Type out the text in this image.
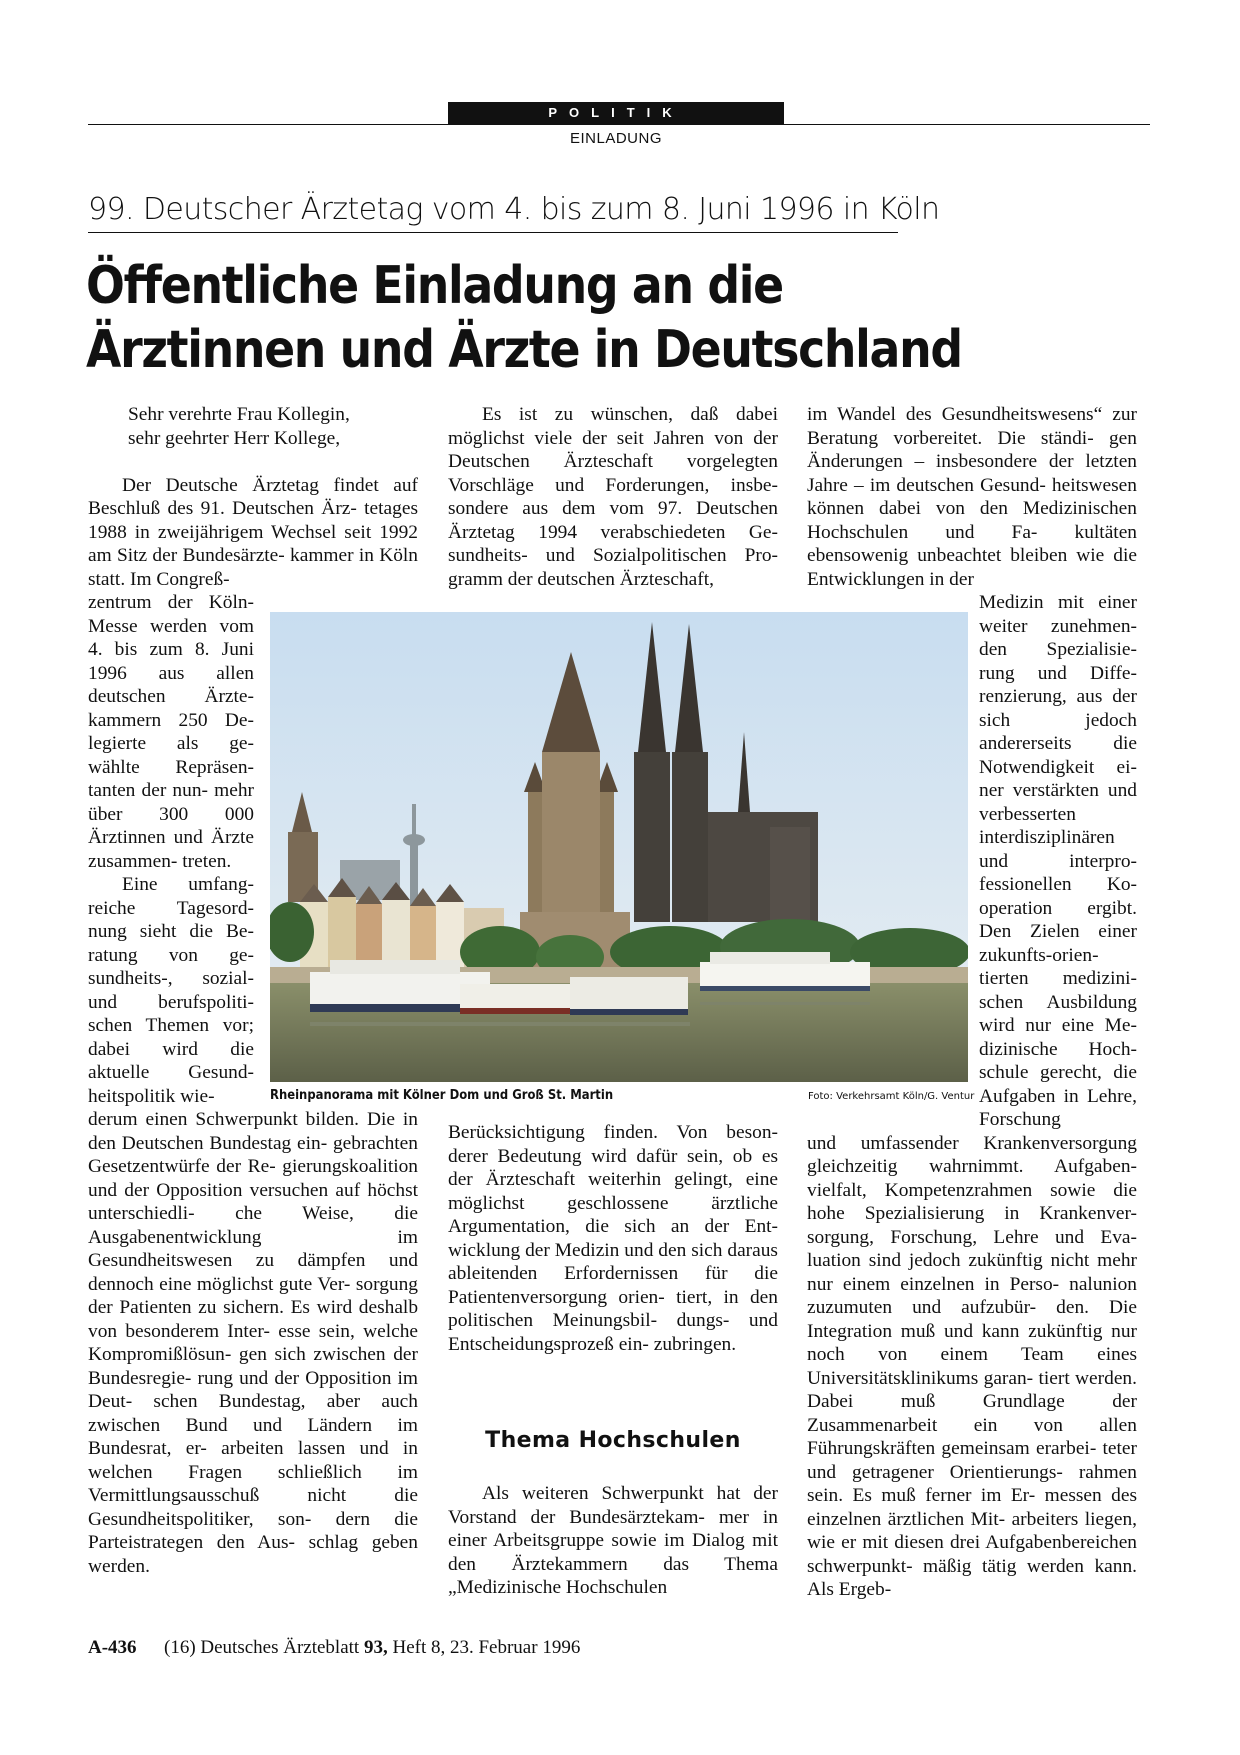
POLITIK
EINLADUNG
99. Deutscher Ärztetag vom 4. bis zum 8. Juni 1996 in Köln
Öffentliche Einladung an die
Ärztinnen und Ärzte in Deutschland
Sehr verehrte Frau Kollegin,
sehr geehrter Herr Kollege,

Der Deutsche Ärztetag findet auf Beschluß des 91. Deutschen Ärz- tetages 1988 in zweijährigem Wechsel seit 1992 am Sitz der Bundesärzte- kammer in Köln statt. Im Congreß-

zentrum der Köln- Messe werden vom 4. bis zum 8. Juni 1996 aus allen deutschen Ärzte- kammern 250 De- legierte als ge- wählte Repräsen- tanten der nun- mehr über 300 000 Ärztinnen und Ärzte zusammen- treten.

Eine umfang- reiche Tagesord- nung sieht die Be- ratung von ge- sundheits-, sozial- und berufspoliti- schen Themen vor; dabei wird die aktuelle Gesund- heitspolitik wie-

derum einen Schwerpunkt bilden. Die in den Deutschen Bundestag ein- gebrachten Gesetzentwürfe der Re- gierungskoalition und der Opposition versuchen auf höchst unterschiedli- che Weise, die Ausgabenentwicklung	im Gesundheitswesen zu dämpfen und dennoch eine möglichst gute Ver- sorgung der Patienten zu sichern. Es wird deshalb von besonderem Inter- esse sein, welche Kompromißlösun- gen sich zwischen der Bundesregie- rung und der Opposition im Deut- schen Bundestag, aber auch zwischen Bund und Ländern im Bundesrat, er- arbeiten lassen und in welchen Fragen schließlich im Vermittlungsausschuß nicht die Gesundheitspolitiker, son- dern die Parteistrategen den Aus- schlag geben werden.

Es ist zu wünschen, daß dabei möglichst viele der seit Jahren von der Deutschen Ärzteschaft vorgelegten Vorschläge und Forderungen, insbe- sondere aus dem vom 97. Deutschen Ärztetag 1994 verabschiedeten Ge- sundheits- und Sozialpolitischen Pro- gramm der deutschen Ärzteschaft,

Berücksichtigung finden. Von beson- derer Bedeutung wird dafür sein, ob es der Ärzteschaft weiterhin gelingt, eine möglichst geschlossene ärztliche Argumentation, die sich an der Ent- wicklung der Medizin und den sich daraus ableitenden Erfordernissen für die Patientenversorgung orien- tiert, in den politischen Meinungsbil- dungs- und Entscheidungsprozeß ein- zubringen.

Thema Hochschulen

Als weiteren Schwerpunkt hat der Vorstand der Bundesärztekam- mer in einer Arbeitsgruppe sowie im Dialog mit den Ärztekammern das Thema „Medizinische Hochschulen

im Wandel des Gesundheitswesens“ zur Beratung vorbereitet. Die ständi- gen Änderungen – insbesondere der letzten Jahre – im deutschen Gesund- heitswesen können dabei von den Medizinischen Hochschulen und Fa- kultäten ebensowenig unbeachtet bleiben wie die Entwicklungen in der

Medizin mit einer weiter zunehmen- den Spezialisie- rung und Diffe- renzierung, aus der sich jedoch andererseits die Notwendigkeit ei- ner verstärkten und verbesserten interdisziplinären und interpro- fessionellen Ko- operation ergibt. Den Zielen einer zukunfts-orien- tierten medizini- schen Ausbildung wird nur eine Me- dizinische Hoch- schule gerecht, die Aufgaben in Lehre, Forschung

und umfassender Krankenversorgung gleichzeitig wahrnimmt. Aufgaben- vielfalt, Kompetenzrahmen sowie die hohe Spezialisierung in Krankenver- sorgung, Forschung, Lehre und Eva- luation sind jedoch zukünftig nicht mehr nur einem einzelnen in Perso- nalunion zuzumuten und aufzubür- den. Die Integration muß und kann zukünftig nur noch von einem Team eines Universitätsklinikums garan- tiert werden. Dabei muß Grundlage der Zusammenarbeit ein von allen Führungskräften gemeinsam erarbei- teter und getragener Orientierungs- rahmen sein. Es muß ferner im Er- messen des einzelnen ärztlichen Mit- arbeiters liegen, wie er mit diesen drei Aufgabenbereichen schwerpunkt- mäßig tätig werden kann. Als Ergeb-

Rheinpanorama mit Kölner Dom und Groß St. Martin	Foto: Verkehrsamt Köln/G. Ventur
A-436 (16) Deutsches Ärzteblatt 93, Heft 8, 23. Februar 1996
